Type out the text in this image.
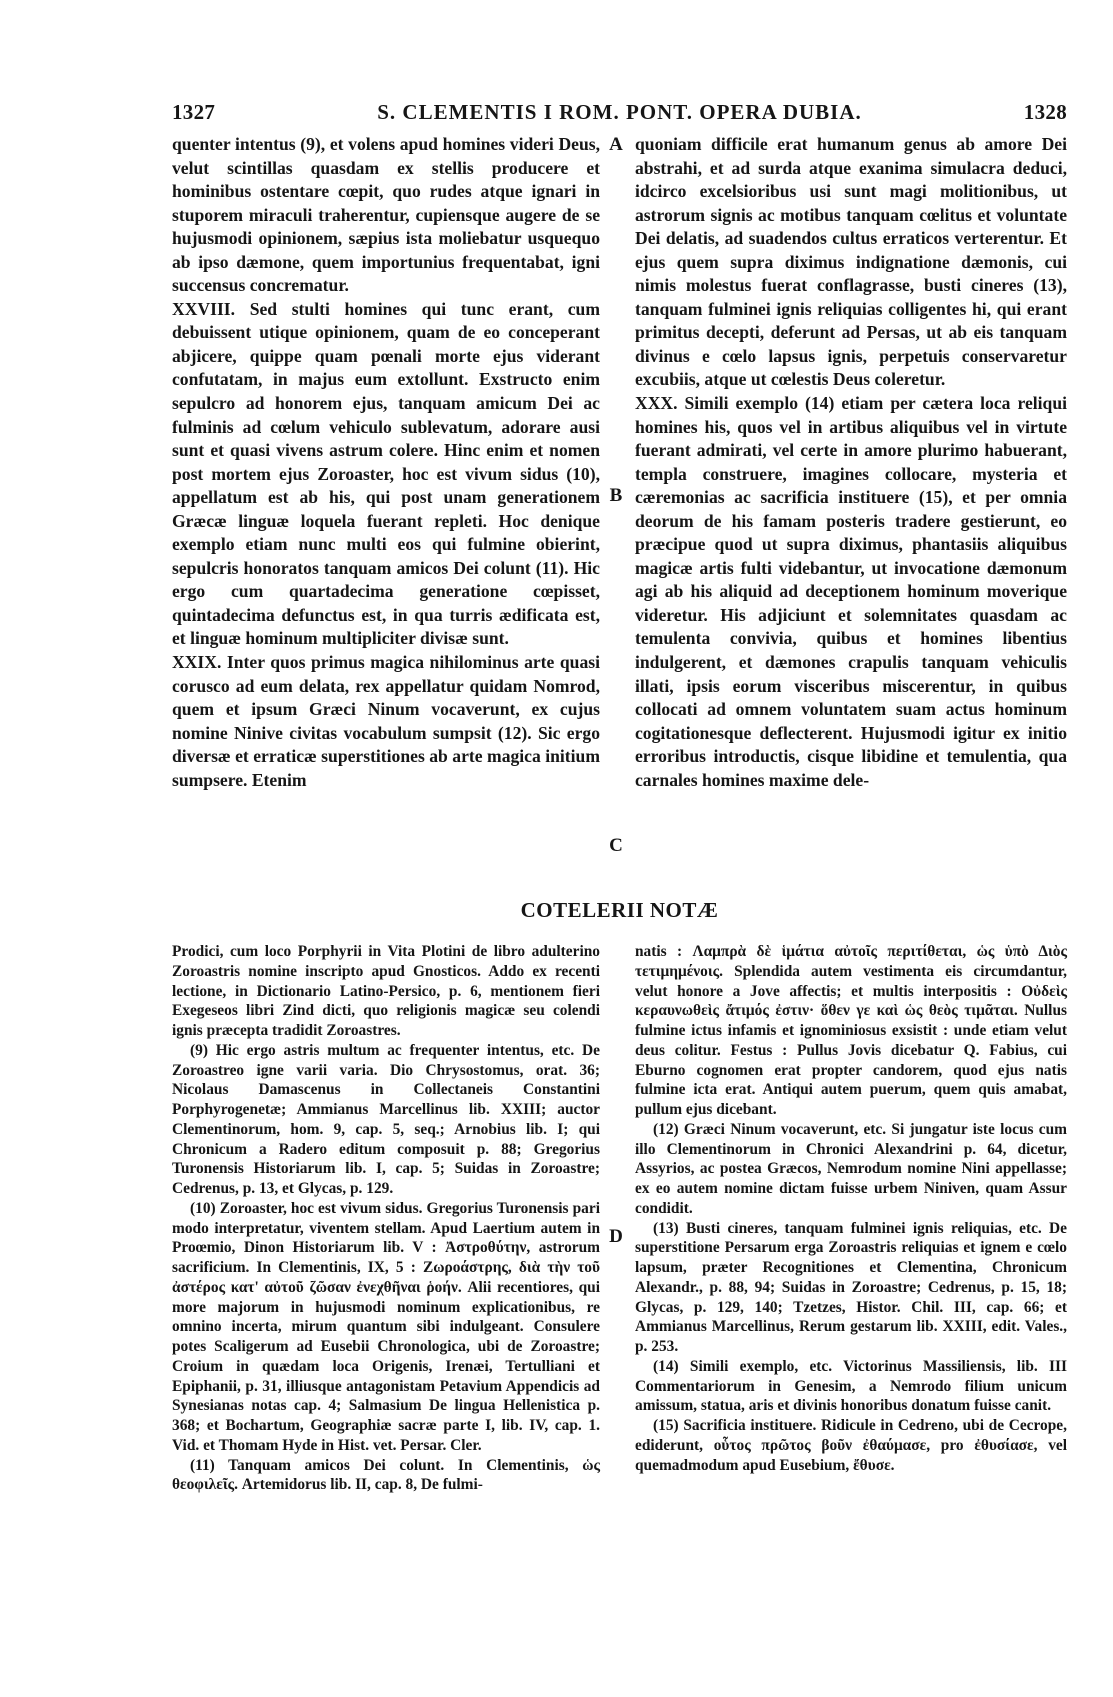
1327	S. CLEMENTIS I ROM. PONT. OPERA DUBIA.	1328
A
B
C
D

quenter intentus (9), et volens apud homines videri Deus, velut scintillas quasdam ex stellis producere et hominibus ostentare cœpit, quo rudes atque ignari in stuporem miraculi traherentur, cupiensque augere de se hujusmodi opinionem, sæpius ista moliebatur usquequo ab ipso dæmone, quem importunius frequentabat, igni succensus concrematur.

XXVIII. Sed stulti homines qui tunc erant, cum debuissent utique opinionem, quam de eo conceperant abjicere, quippe quam pœnali morte ejus viderant confutatam, in majus eum extollunt. Exstructo enim sepulcro ad honorem ejus, tanquam amicum Dei ac fulminis ad cœlum vehiculo sublevatum, adorare ausi sunt et quasi vivens astrum colere. Hinc enim et nomen post mortem ejus Zoroaster, hoc est vivum sidus (10), appellatum est ab his, qui post unam generationem Græcæ linguæ loquela fuerant repleti. Hoc denique exemplo etiam nunc multi eos qui fulmine obierint, sepulcris honoratos tanquam amicos Dei colunt (11). Hic ergo cum quartadecima generatione cœpisset, quintadecima defunctus est, in qua turris ædificata est, et linguæ hominum multipliciter divisæ sunt.

XXIX. Inter quos primus magica nihilominus arte quasi corusco ad eum delata, rex appellatur quidam Nomrod, quem et ipsum Græci Ninum vocaverunt, ex cujus nomine Ninive civitas vocabulum sumpsit (12). Sic ergo diversæ et erraticæ superstitiones ab arte magica initium sumpsere. Etenim

quoniam difficile erat humanum genus ab amore Dei abstrahi, et ad surda atque exanima simulacra deduci, idcirco excelsioribus usi sunt magi molitionibus, ut astrorum signis ac motibus tanquam cœlitus et voluntate Dei delatis, ad suadendos cultus erraticos verterentur. Et ejus quem supra diximus indignatione dæmonis, cui nimis molestus fuerat conflagrasse, busti cineres (13), tanquam fulminei ignis reliquias colligentes hi, qui erant primitus decepti, deferunt ad Persas, ut ab eis tanquam divinus e cœlo lapsus ignis, perpetuis conservaretur excubiis, atque ut cœlestis Deus coleretur.

XXX. Simili exemplo (14) etiam per cætera loca reliqui homines his, quos vel in artibus aliquibus vel in virtute fuerant admirati, vel certe in amore plurimo habuerant, templa construere, imagines collocare, mysteria et cæremonias ac sacrificia instituere (15), et per omnia deorum de his famam posteris tradere gestierunt, eo præcipue quod ut supra diximus, phantasiis aliquibus magicæ artis fulti videbantur, ut invocatione dæmonum agi ab his aliquid ad deceptionem hominum moverique videretur. His adjiciunt et solemnitates quasdam ac temulenta convivia, quibus et homines libentius indulgerent, et dæmones crapulis tanquam vehiculis illati, ipsis eorum visceribus miscerentur, in quibus collocati ad omnem voluntatem suam actus hominum cogitationesque deflecterent. Hujusmodi igitur ex initio erroribus introductis, cisque libidine et temulentia, qua carnales homines maxime dele-

COTELERII NOTÆ

Prodici, cum loco Porphyrii in Vita Plotini de libro adulterino Zoroastris nomine inscripto apud Gnosticos. Addo ex recenti lectione, in Dictionario Latino-Persico, p. 6, mentionem fieri Exegeseos libri Zind dicti, quo religionis magicæ seu colendi ignis præcepta tradidit Zoroastres.

(9) Hic ergo astris multum ac frequenter intentus, etc. De Zoroastreo igne varii varia. Dio Chrysostomus, orat. 36; Nicolaus Damascenus in Collectaneis Constantini Porphyrogenetæ; Ammianus Marcellinus lib. XXIII; auctor Clementinorum, hom. 9, cap. 5, seq.; Arnobius lib. I; qui Chronicum a Radero editum composuit p. 88; Gregorius Turonensis Historiarum lib. I, cap. 5; Suidas in Zoroastre; Cedrenus, p. 13, et Glycas, p. 129.

(10) Zoroaster, hoc est vivum sidus. Gregorius Turonensis pari modo interpretatur, viventem stellam. Apud Laertium autem in Proœmio, Dinon Historiarum lib. V : Ἀστροθύτην, astrorum sacrificium. In Clementinis, IX, 5 : Ζωροάστρης, διὰ τὴν τοῦ ἀστέρος κατ' αὐτοῦ ζῶσαν ἐνεχθῆναι ῥοήν. Alii recentiores, qui more majorum in hujusmodi nominum explicationibus, re omnino incerta, mirum quantum sibi indulgeant. Consulere potes Scaligerum ad Eusebii Chronologica, ubi de Zoroastre; Croium in quædam loca Origenis, Irenæi, Tertulliani et Epiphanii, p. 31, illiusque antagonistam Petavium Appendicis ad Synesianas notas cap. 4; Salmasium De lingua Hellenistica p. 368; et Bochartum, Geographiæ sacræ parte I, lib. IV, cap. 1. Vid. et Thomam Hyde in Hist. vet. Persar. Cler.

(11) Tanquam amicos Dei colunt. In Clementinis, ὡς θεοφιλεῖς. Artemidorus lib. II, cap. 8, De fulmi-

natis : Λαμπρὰ δὲ ἱμάτια αὐτοῖς περιτίθεται, ὡς ὑπὸ Διὸς τετιμημένοις. Splendida autem vestimenta eis circumdantur, velut honore a Jove affectis; et multis interpositis : Οὐδεὶς κεραυνωθεὶς ἄτιμός ἐστιν· ὅθεν γε καὶ ὡς θεὸς τιμᾶται. Nullus fulmine ictus infamis et ignominiosus exsistit : unde etiam velut deus colitur. Festus : Pullus Jovis dicebatur Q. Fabius, cui Eburno cognomen erat propter candorem, quod ejus natis fulmine icta erat. Antiqui autem puerum, quem quis amabat, pullum ejus dicebant.

(12) Græci Ninum vocaverunt, etc. Si jungatur iste locus cum illo Clementinorum in Chronici Alexandrini p. 64, dicetur, Assyrios, ac postea Græcos, Nemrodum nomine Nini appellasse; ex eo autem nomine dictam fuisse urbem Niniven, quam Assur condidit.

(13) Busti cineres, tanquam fulminei ignis reliquias, etc. De superstitione Persarum erga Zoroastris reliquias et ignem e cœlo lapsum, præter Recognitiones et Clementina, Chronicum Alexandr., p. 88, 94; Suidas in Zoroastre; Cedrenus, p. 15, 18; Glycas, p. 129, 140; Tzetzes, Histor. Chil. III, cap. 66; et Ammianus Marcellinus, Rerum gestarum lib. XXIII, edit. Vales., p. 253.

(14) Simili exemplo, etc. Victorinus Massiliensis, lib. III Commentariorum in Genesim, a Nemrodo filium unicum amissum, statua, aris et divinis honoribus donatum fuisse canit.

(15) Sacrificia instituere. Ridicule in Cedreno, ubi de Cecrope, ediderunt, οὗτος πρῶτος βοῦν ἐθαύμασε, pro ἐθυσίασε, vel quemadmodum apud Eusebium, ἔθυσε.
